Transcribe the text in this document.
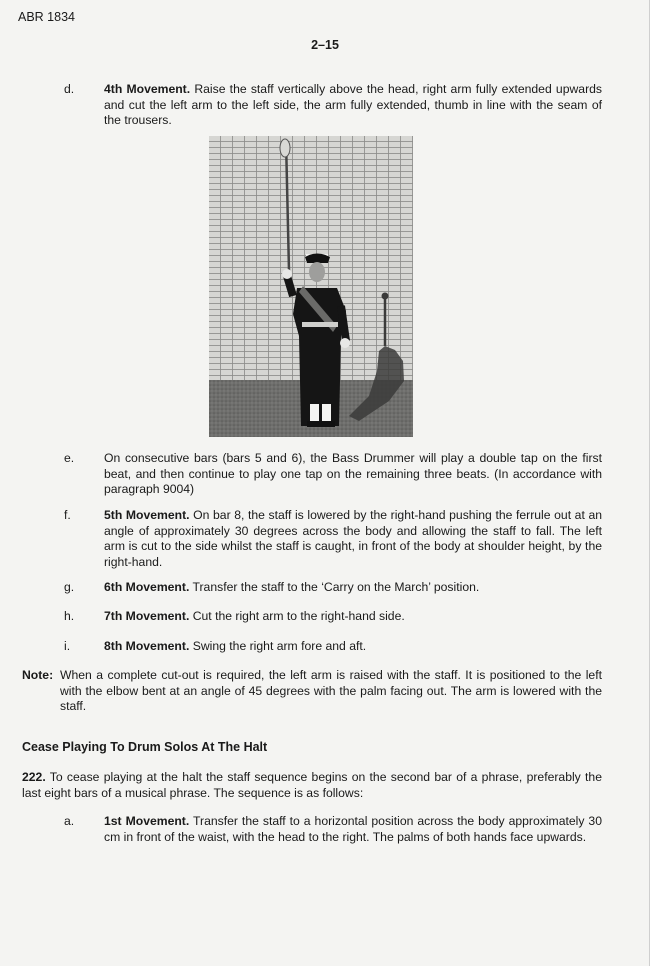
ABR 1834
2–15
d. 4th Movement. Raise the staff vertically above the head, right arm fully extended upwards and cut the left arm to the left side, the arm fully extended, thumb in line with the seam of the trousers.
e. On consecutive bars (bars 5 and 6), the Bass Drummer will play a double tap on the first beat, and then continue to play one tap on the remaining three beats. (In accordance with paragraph 9004)
f.	5th Movement. On bar 8, the staff is lowered by the right-hand pushing the ferrule out at an angle of approximately 30 degrees across the body and allowing the staff to fall. The left arm is cut to the side whilst the staff is caught, in front of the body at shoulder height, by the right-hand.
g. 6th Movement. Transfer the staff to the ‘Carry on the March’ position.
h. 7th Movement. Cut the right arm to the right-hand side.
i.	8th Movement. Swing the right arm fore and aft.
Note: When a complete cut-out is required, the left arm is raised with the staff. It is positioned to the left with the elbow bent at an angle of 45 degrees with the palm facing out. The arm is lowered with the staff.
Cease Playing To Drum Solos At The Halt
222. To cease playing at the halt the staff sequence begins on the second bar of a phrase, preferably the last eight bars of a musical phrase. The sequence is as follows:
a. 1st Movement. Transfer the staff to a horizontal position across the body approximately 30 cm in front of the waist, with the head to the right. The palms of both hands face upwards.
